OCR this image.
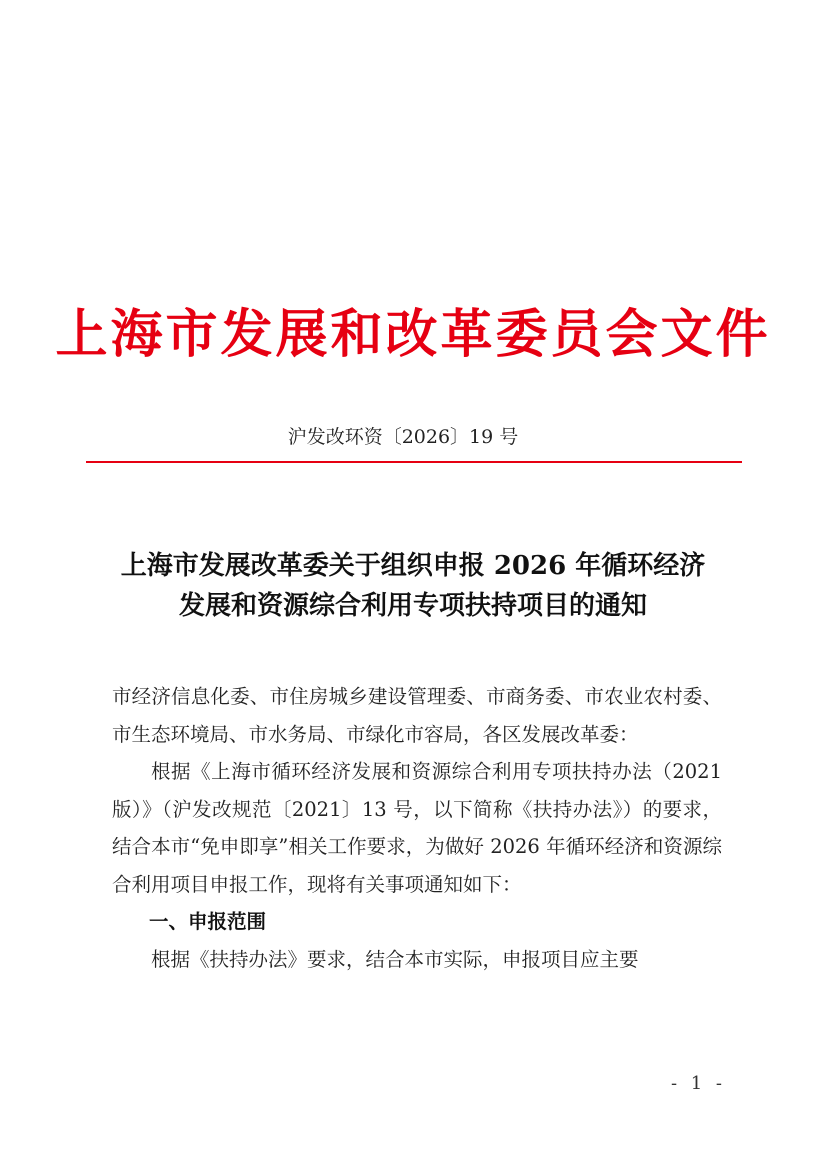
上海市发展和改革委员会文件
沪发改环资〔2026〕19 号
上海市发展改革委关于组织申报 2026 年循环经济
发展和资源综合利用专项扶持项目的通知

市经济信息化委、市住房城乡建设管理委、市商务委、市农业农村委、市生态环境局、市水务局、市绿化市容局，各区发展改革委：

根据《上海市循环经济发展和资源综合利用专项扶持办法（2021 版）》（沪发改规范〔2021〕13 号，以下简称《扶持办法》）的要求，结合本市“免申即享”相关工作要求，为做好 2026 年循环经济和资源综合利用项目申报工作，现将有关事项通知如下：

一、申报范围

根据《扶持办法》要求，结合本市实际，申报项目应主要

- 1 -
